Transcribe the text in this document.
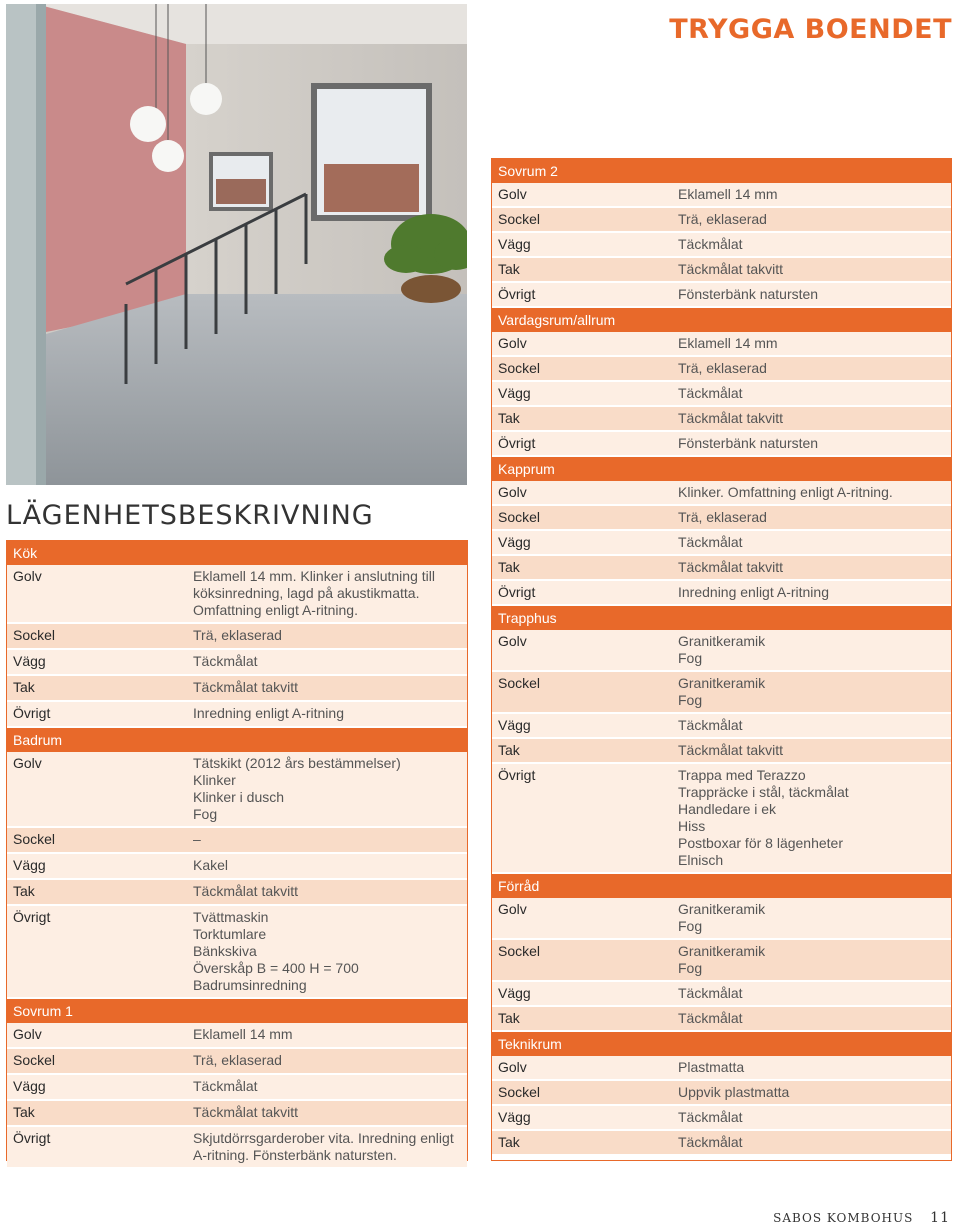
TRYGGA BOENDET
LÄGENHETSBESKRIVNING
Kök
Golv	Eklamell 14 mm. Klinker i anslutning till köksinredning, lagd på akustikmatta. Omfattning enligt A-ritning.
Sockel	Trä, eklaserad
Vägg	Täckmålat
Tak	Täckmålat takvitt
Övrigt	Inredning enligt A-ritning
Badrum
Golv	Tätskikt (2012 års bestämmelser)
Klinker
Klinker i dusch
Fog
Sockel	–
Vägg	Kakel
Tak	Täckmålat takvitt
Övrigt	Tvättmaskin
Torktumlare
Bänkskiva
Överskåp B = 400 H = 700
Badrumsinredning
Sovrum 1
Golv	Eklamell 14 mm
Sockel	Trä, eklaserad
Vägg	Täckmålat
Tak	Täckmålat takvitt
Övrigt	Skjutdörrsgarderober vita. Inredning enligt A-ritning. Fönsterbänk natursten.
Sovrum 2
Golv	Eklamell 14 mm
Sockel	Trä, eklaserad
Vägg	Täckmålat
Tak	Täckmålat takvitt
Övrigt	Fönsterbänk natursten
Vardagsrum/allrum
Golv	Eklamell 14 mm
Sockel	Trä, eklaserad
Vägg	Täckmålat
Tak	Täckmålat takvitt
Övrigt	Fönsterbänk natursten
Kapprum
Golv	Klinker. Omfattning enligt A-ritning.
Sockel	Trä, eklaserad
Vägg	Täckmålat
Tak	Täckmålat takvitt
Övrigt	Inredning enligt A-ritning
Trapphus
Golv	Granitkeramik
Fog
Sockel	Granitkeramik
Fog
Vägg	Täckmålat
Tak	Täckmålat takvitt
Övrigt	Trappa med Terazzo
Trappräcke i stål, täckmålat
Handledare i ek
Hiss
Postboxar för 8 lägenheter
Elnisch
Förråd
Golv	Granitkeramik
Fog
Sockel	Granitkeramik
Fog
Vägg	Täckmålat
Tak	Täckmålat
Teknikrum
Golv	Plastmatta
Sockel	Uppvik plastmatta
Vägg	Täckmålat
Tak	Täckmålat
SABOS KOMBOHUS 11
